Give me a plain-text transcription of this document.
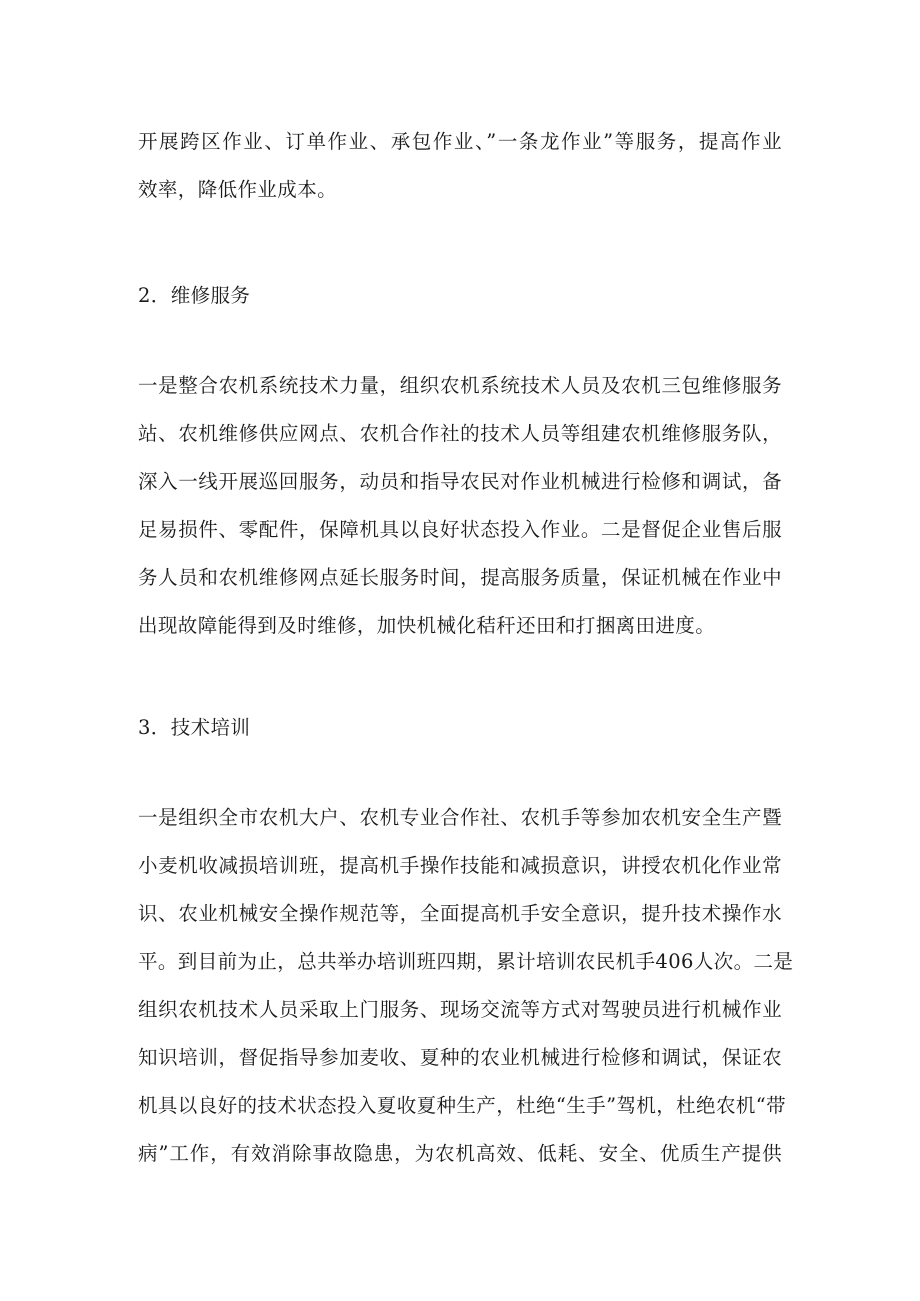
开展跨区作业、订单作业、承包作业、”一条龙作业”等服务，提高作业
效率，降低作业成本。
2．维修服务
一是整合农机系统技术力量，组织农机系统技术人员及农机三包维修服务
站、农机维修供应网点、农机合作社的技术人员等组建农机维修服务队，
深入一线开展巡回服务，动员和指导农民对作业机械进行检修和调试，备
足易损件、零配件，保障机具以良好状态投入作业。二是督促企业售后服
务人员和农机维修网点延长服务时间，提高服务质量，保证机械在作业中
出现故障能得到及时维修，加快机械化秸秆还田和打捆离田进度。
3．技术培训
一是组织全市农机大户、农机专业合作社、农机手等参加农机安全生产暨
小麦机收减损培训班，提高机手操作技能和减损意识，讲授农机化作业常
识、农业机械安全操作规范等，全面提高机手安全意识，提升技术操作水
平。到目前为止，总共举办培训班四期，累计培训农民机手406人次。二是
组织农机技术人员采取上门服务、现场交流等方式对驾驶员进行机械作业
知识培训，督促指导参加麦收、夏种的农业机械进行检修和调试，保证农
机具以良好的技术状态投入夏收夏种生产，杜绝“生手”驾机，杜绝农机“带
病”工作，有效消除事故隐患，为农机高效、低耗、安全、优质生产提供
